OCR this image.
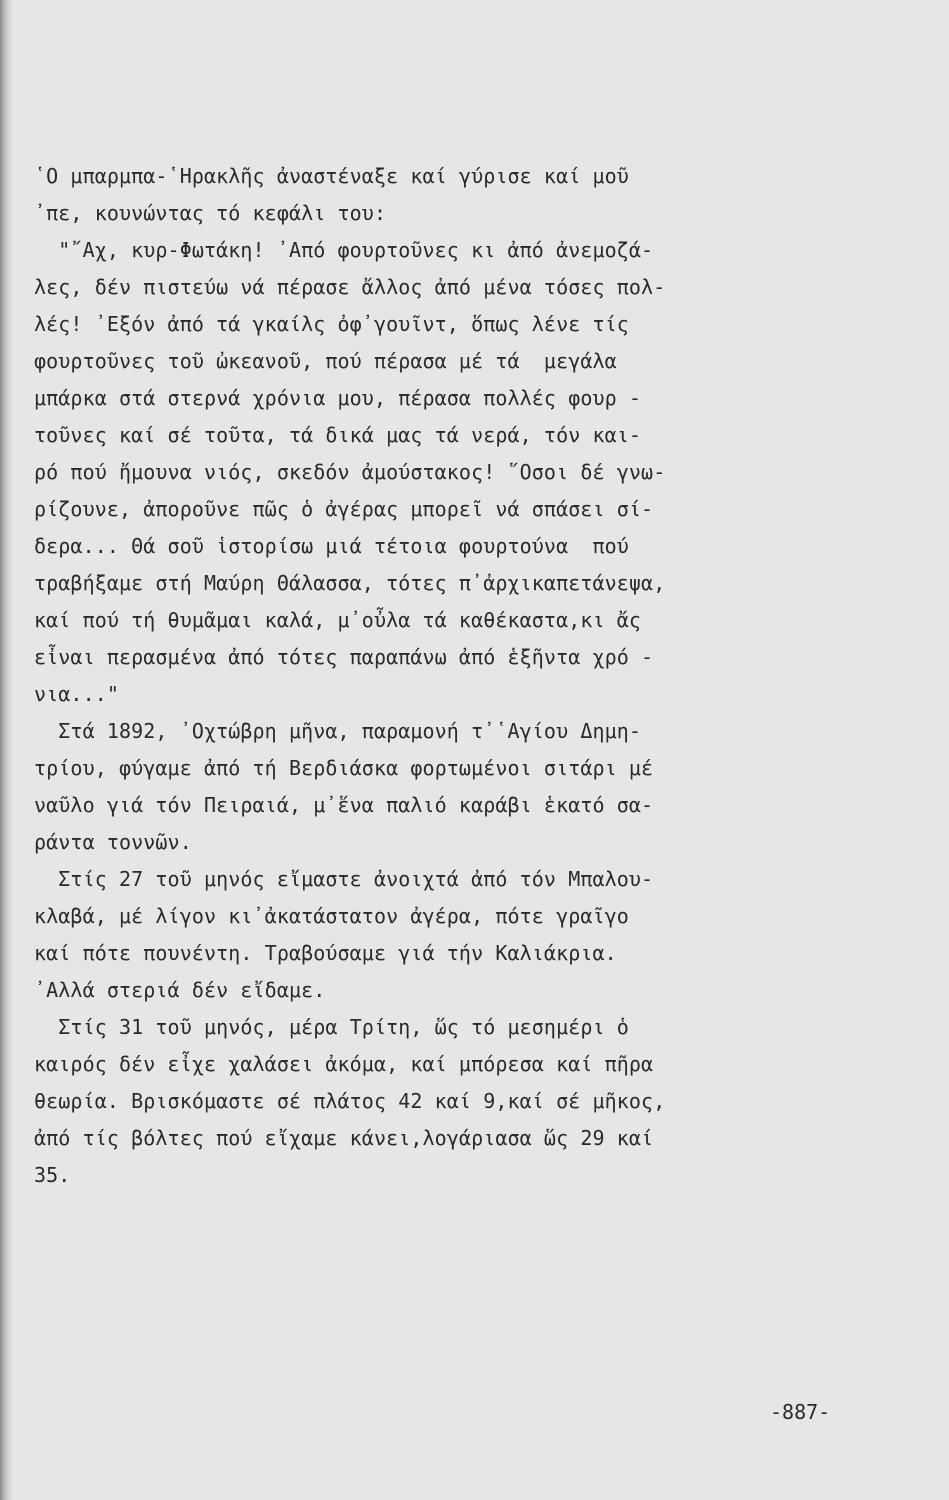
῾Ο μπαρμπα-῾Ηρακλῆς ἀναστέναξε καί γύρισε καί μοῦ
᾿πε, κουνώντας τό κεφάλι του:
"῎Αχ, κυρ-Φωτάκη! ᾿Από φουρτοῦνες κι ἀπό ἀνεμοζά-
λες, δέν πιστεύω νά πέρασε ἄλλος ἀπό μένα τόσες πολ-
λές! ᾿Εξόν ἀπό τά γκαίλς ὀφ᾿γουῖντ, ὅπως λένε τίς
φουρτοῦνες τοῦ ὠκεανοῦ, πού πέρασα μέ τά  μεγάλα
μπάρκα στά στερνά χρόνια μου, πέρασα πολλές φουρ -
τοῦνες καί σέ τοῦτα, τά δικά μας τά νερά, τόν και-
ρό πού ἤμουνα νιός, σκεδόν ἀμούστακος! ῞Οσοι δέ γνω-
ρίζουνε, ἀποροῦνε πῶς ὁ ἀγέρας μπορεῖ νά σπάσει σί-
δερα... Θά σοῦ ἱστορίσω μιά τέτοια φουρτούνα  πού
τραβήξαμε στή Μαύρη Θάλασσα, τότες π᾿ἀρχικαπετάνεψα,
καί πού τή θυμᾶμαι καλά, μ᾿οὖλα τά καθέκαστα,κι ἄς
εἶναι περασμένα ἀπό τότες παραπάνω ἀπό ἑξῆντα χρό -
νια..."
Στά 1892, ᾿Οχτώβρη μῆνα, παραμονή τ᾿῾Αγίου Δημη-
τρίου, φύγαμε ἀπό τή Βερδιάσκα φορτωμένοι σιτάρι μέ
ναῦλο γιά τόν Πειραιά, μ᾿ἕνα παλιό καράβι ἑκατό σα-
ράντα τοννῶν.
Στίς 27 τοῦ μηνός εἴμαστε ἀνοιχτά ἀπό τόν Μπαλου-
κλαβά, μέ λίγον κι᾿ἀκατάστατον ἀγέρα, πότε γραῖγο
καί πότε πουνέντη. Τραβούσαμε γιά τήν Καλιάκρια.
᾿Αλλά στεριά δέν εἴδαμε.
Στίς 31 τοῦ μηνός, μέρα Τρίτη, ὥς τό μεσημέρι ὁ
καιρός δέν εἶχε χαλάσει ἀκόμα, καί μπόρεσα καί πῆρα
θεωρία. Βρισκόμαστε σέ πλάτος 42 καί 9,καί σέ μῆκος,
ἀπό τίς βόλτες πού εἴχαμε κάνει,λογάριασα ὥς 29 καί
35.
-887-
